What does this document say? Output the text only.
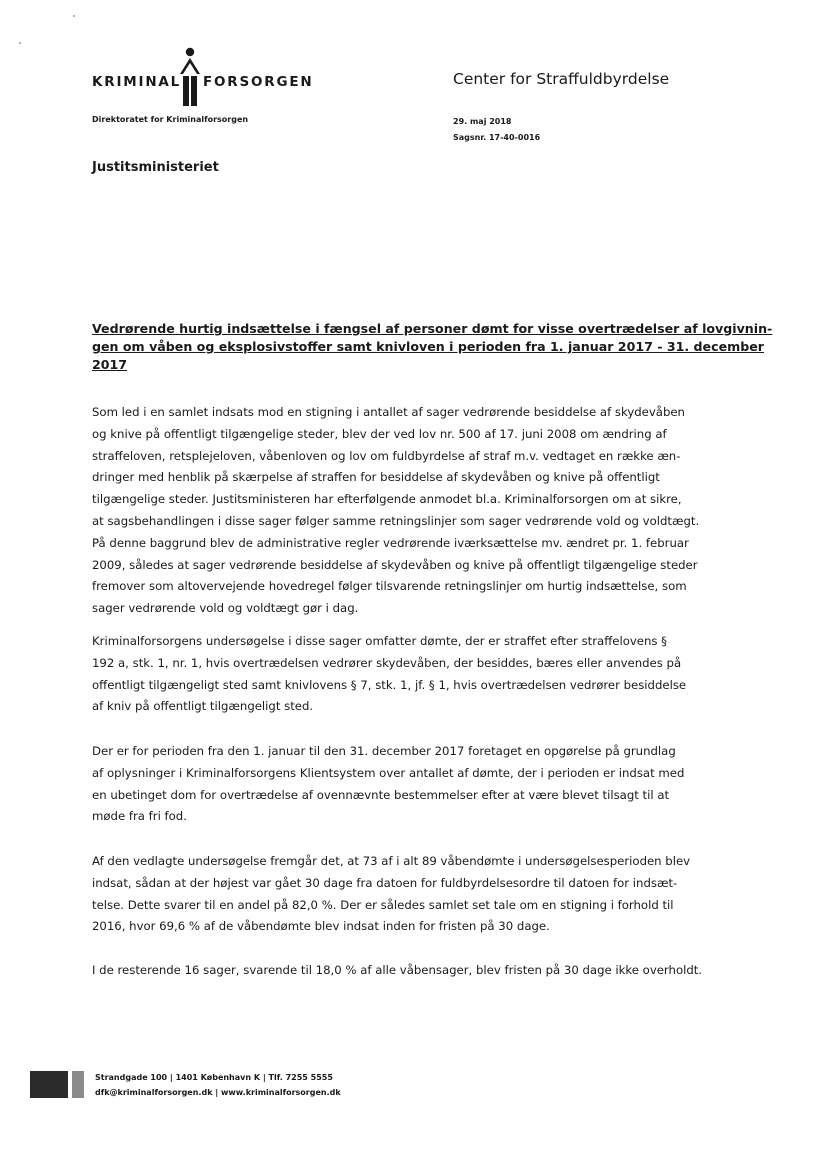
KRIMINAL FORSORGEN	Center for Straffuldbyrdelse
Direktoratet for Kriminalforsorgen	29. maj 2018
Sagsnr. 17-40-0016
Justitsministeriet
Vedrørende hurtig indsættelse i fængsel af personer dømt for visse overtrædelser af lovgivnin-
gen om våben og eksplosivstoffer samt knivloven i perioden fra 1. januar 2017 - 31. december
2017
Som led i en samlet indsats mod en stigning i antallet af sager vedrørende besiddelse af skydevåben
og knive på offentligt tilgængelige steder, blev der ved lov nr. 500 af 17. juni 2008 om ændring af
straffeloven, retsplejeloven, våbenloven og lov om fuldbyrdelse af straf m.v. vedtaget en række æn-
dringer med henblik på skærpelse af straffen for besiddelse af skydevåben og knive på offentligt
tilgængelige steder. Justitsministeren har efterfølgende anmodet bl.a. Kriminalforsorgen om at sikre,
at sagsbehandlingen i disse sager følger samme retningslinjer som sager vedrørende vold og voldtægt.
På denne baggrund blev de administrative regler vedrørende iværksættelse mv. ændret pr. 1. februar
2009, således at sager vedrørende besiddelse af skydevåben og knive på offentligt tilgængelige steder
fremover som altovervejende hovedregel følger tilsvarende retningslinjer om hurtig indsættelse, som
sager vedrørende vold og voldtægt gør i dag.
Kriminalforsorgens undersøgelse i disse sager omfatter dømte, der er straffet efter straffelovens §
192 a, stk. 1, nr. 1, hvis overtrædelsen vedrører skydevåben, der besiddes, bæres eller anvendes på
offentligt tilgængeligt sted samt knivlovens § 7, stk. 1, jf. § 1, hvis overtrædelsen vedrører besiddelse
af kniv på offentligt tilgængeligt sted.
Der er for perioden fra den 1. januar til den 31. december 2017 foretaget en opgørelse på grundlag
af oplysninger i Kriminalforsorgens Klientsystem over antallet af dømte, der i perioden er indsat med
en ubetinget dom for overtrædelse af ovennævnte bestemmelser efter at være blevet tilsagt til at
møde fra fri fod.
Af den vedlagte undersøgelse fremgår det, at 73 af i alt 89 våbendømte i undersøgelsesperioden blev
indsat, sådan at der højest var gået 30 dage fra datoen for fuldbyrdelsesordre til datoen for indsæt-
telse. Dette svarer til en andel på 82,0 %. Der er således samlet set tale om en stigning i forhold til
2016, hvor 69,6 % af de våbendømte blev indsat inden for fristen på 30 dage.
I de resterende 16 sager, svarende til 18,0 % af alle våbensager, blev fristen på 30 dage ikke overholdt.
Strandgade 100 | 1401 København K | Tlf. 7255 5555
dfk@kriminalforsorgen.dk | www.kriminalforsorgen.dk
